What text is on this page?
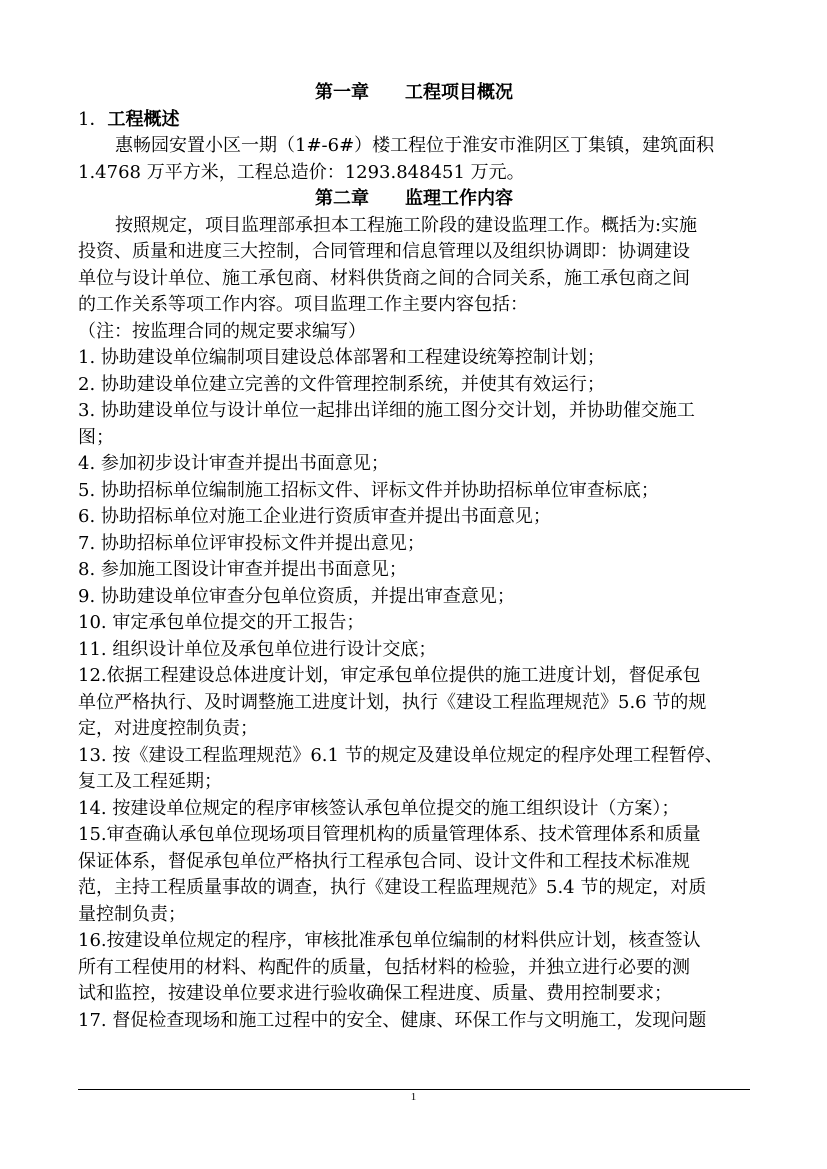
第一章　　工程项目概况
1．工程概述
惠畅园安置小区一期（1#-6#）楼工程位于淮安市淮阴区丁集镇，建筑面积
1.4768 万平方米，工程总造价：1293.848451 万元。
第二章　　监理工作内容
按照规定，项目监理部承担本工程施工阶段的建设监理工作。概括为:实施
投资、质量和进度三大控制，合同管理和信息管理以及组织协调即：协调建设
单位与设计单位、施工承包商、材料供货商之间的合同关系，施工承包商之间
的工作关系等项工作内容。项目监理工作主要内容包括：
（注：按监理合同的规定要求编写）
1. 协助建设单位编制项目建设总体部署和工程建设统筹控制计划；
2. 协助建设单位建立完善的文件管理控制系统，并使其有效运行；
3. 协助建设单位与设计单位一起排出详细的施工图分交计划，并协助催交施工
图；
4. 参加初步设计审查并提出书面意见；
5. 协助招标单位编制施工招标文件、评标文件并协助招标单位审查标底；
6. 协助招标单位对施工企业进行资质审查并提出书面意见；
7. 协助招标单位评审投标文件并提出意见；
8. 参加施工图设计审查并提出书面意见；
9. 协助建设单位审查分包单位资质，并提出审查意见；
10. 审定承包单位提交的开工报告；
11. 组织设计单位及承包单位进行设计交底；
12.依据工程建设总体进度计划，审定承包单位提供的施工进度计划，督促承包
单位严格执行、及时调整施工进度计划，执行《建设工程监理规范》5.6 节的规
定，对进度控制负责；
13. 按《建设工程监理规范》6.1 节的规定及建设单位规定的程序处理工程暂停、
复工及工程延期；
14. 按建设单位规定的程序审核签认承包单位提交的施工组织设计（方案）；
15.审查确认承包单位现场项目管理机构的质量管理体系、技术管理体系和质量
保证体系，督促承包单位严格执行工程承包合同、设计文件和工程技术标准规
范，主持工程质量事故的调查，执行《建设工程监理规范》5.4 节的规定，对质
量控制负责；
16.按建设单位规定的程序，审核批准承包单位编制的材料供应计划，核查签认
所有工程使用的材料、构配件的质量，包括材料的检验，并独立进行必要的测
试和监控，按建设单位要求进行验收确保工程进度、质量、费用控制要求；
17. 督促检查现场和施工过程中的安全、健康、环保工作与文明施工，发现问题
1
